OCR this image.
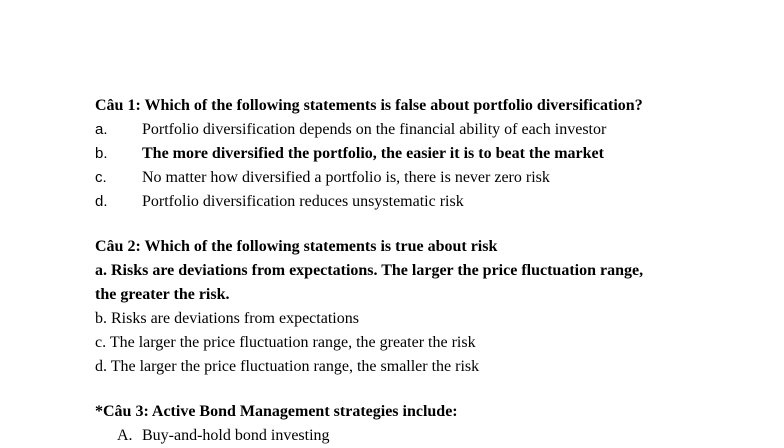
Câu 1: Which of the following statements is false about portfolio diversification?
a.	Portfolio diversification depends on the financial ability of each investor
b.	The more diversified the portfolio, the easier it is to beat the market
c.	No matter how diversified a portfolio is, there is never zero risk
d.	Portfolio diversification reduces unsystematic risk
Câu 2: Which of the following statements is true about risk
a. Risks are deviations from expectations. The larger the price fluctuation range,
the greater the risk.
b. Risks are deviations from expectations
c. The larger the price fluctuation range, the greater the risk
d. The larger the price fluctuation range, the smaller the risk
*Câu 3: Active Bond Management strategies include:
A. Buy-and-hold bond investing
